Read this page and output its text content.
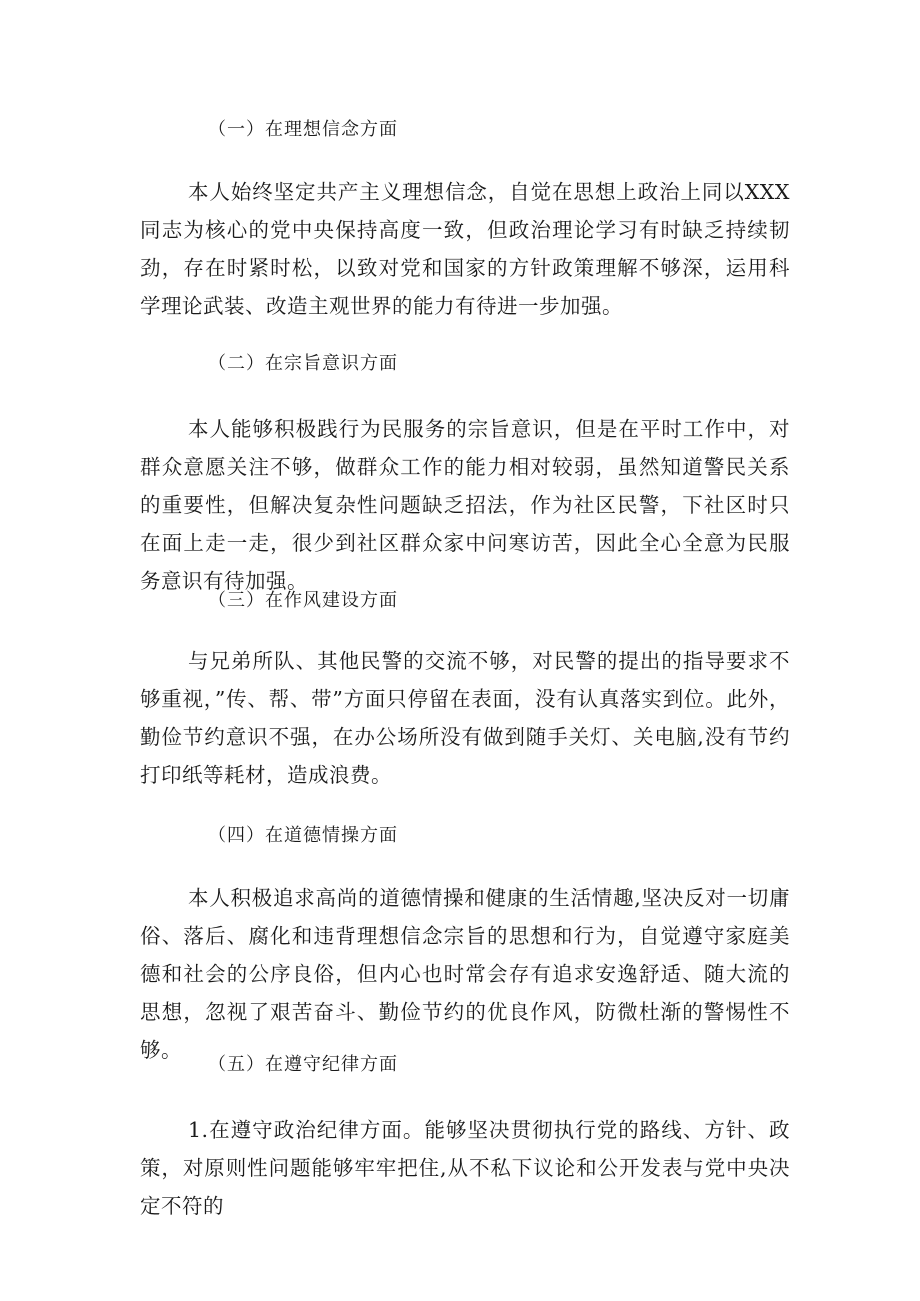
（一）在理想信念方面

本人始终坚定共产主义理想信念，自觉在思想上政治上同以XXX同志为核心的党中央保持高度一致，但政治理论学习有时缺乏持续韧劲，存在时紧时松，以致对党和国家的方针政策理解不够深，运用科学理论武装、改造主观世界的能力有待进一步加强。

（二）在宗旨意识方面

本人能够积极践行为民服务的宗旨意识，但是在平时工作中，对群众意愿关注不够，做群众工作的能力相对较弱，虽然知道警民关系的重要性，但解决复杂性问题缺乏招法，作为社区民警，下社区时只在面上走一走，很少到社区群众家中问寒访苦，因此全心全意为民服务意识有待加强。

（三）在作风建设方面

与兄弟所队、其他民警的交流不够，对民警的提出的指导要求不够重视，”传、帮、带”方面只停留在表面，没有认真落实到位。此外，勤俭节约意识不强，在办公场所没有做到随手关灯、关电脑,没有节约打印纸等耗材，造成浪费。

（四）在道德情操方面

本人积极追求高尚的道德情操和健康的生活情趣,坚决反对一切庸俗、落后、腐化和违背理想信念宗旨的思想和行为，自觉遵守家庭美德和社会的公序良俗，但内心也时常会存有追求安逸舒适、随大流的思想，忽视了艰苦奋斗、勤俭节约的优良作风，防微杜渐的警惕性不够。

（五）在遵守纪律方面

1.在遵守政治纪律方面。能够坚决贯彻执行党的路线、方针、政策，对原则性问题能够牢牢把住,从不私下议论和公开发表与党中央决定不符的
